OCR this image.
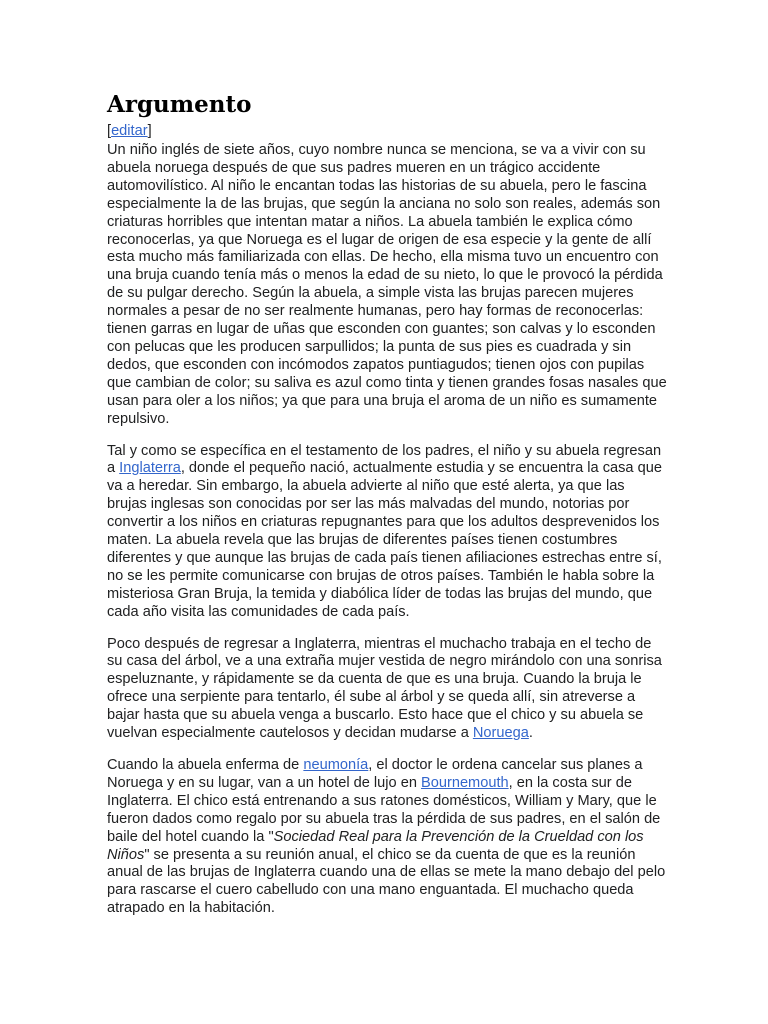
Argumento
[editar]

Un niño inglés de siete años, cuyo nombre nunca se menciona, se va a vivir con su abuela noruega después de que sus padres mueren en un trágico accidente automovilístico. Al niño le encantan todas las historias de su abuela, pero le fascina especialmente la de las brujas, que según la anciana no solo son reales, además son criaturas horribles que intentan matar a niños. La abuela también le explica cómo reconocerlas, ya que Noruega es el lugar de origen de esa especie y la gente de allí esta mucho más familiarizada con ellas. De hecho, ella misma tuvo un encuentro con una bruja cuando tenía más o menos la edad de su nieto, lo que le provocó la pérdida de su pulgar derecho. Según la abuela, a simple vista las brujas parecen mujeres normales a pesar de no ser realmente humanas, pero hay formas de reconocerlas: tienen garras en lugar de uñas que esconden con guantes; son calvas y lo esconden con pelucas que les producen sarpullidos; la punta de sus pies es cuadrada y sin dedos, que esconden con incómodos zapatos puntiagudos; tienen ojos con pupilas que cambian de color; su saliva es azul como tinta y tienen grandes fosas nasales que usan para oler a los niños; ya que para una bruja el aroma de un niño es sumamente repulsivo.

Tal y como se específica en el testamento de los padres, el niño y su abuela regresan a Inglaterra, donde el pequeño nació, actualmente estudia y se encuentra la casa que va a heredar. Sin embargo, la abuela advierte al niño que esté alerta, ya que las brujas inglesas son conocidas por ser las más malvadas del mundo, notorias por convertir a los niños en criaturas repugnantes para que los adultos desprevenidos los maten. La abuela revela que las brujas de diferentes países tienen costumbres diferentes y que aunque las brujas de cada país tienen afiliaciones estrechas entre sí, no se les permite comunicarse con brujas de otros países. También le habla sobre la misteriosa Gran Bruja, la temida y diabólica líder de todas las brujas del mundo, que cada año visita las comunidades de cada país.

Poco después de regresar a Inglaterra, mientras el muchacho trabaja en el techo de su casa del árbol, ve a una extraña mujer vestida de negro mirándolo con una sonrisa espeluznante, y rápidamente se da cuenta de que es una bruja. Cuando la bruja le ofrece una serpiente para tentarlo, él sube al árbol y se queda allí, sin atreverse a bajar hasta que su abuela venga a buscarlo. Esto hace que el chico y su abuela se vuelvan especialmente cautelosos y decidan mudarse a Noruega.

Cuando la abuela enferma de neumonía, el doctor le ordena cancelar sus planes a Noruega y en su lugar, van a un hotel de lujo en Bournemouth, en la costa sur de Inglaterra. El chico está entrenando a sus ratones domésticos, William y Mary, que le fueron dados como regalo por su abuela tras la pérdida de sus padres, en el salón de baile del hotel cuando la "Sociedad Real para la Prevención de la Crueldad con los Niños" se presenta a su reunión anual, el chico se da cuenta de que es la reunión anual de las brujas de Inglaterra cuando una de ellas se mete la mano debajo del pelo para rascarse el cuero cabelludo con una mano enguantada. El muchacho queda atrapado en la habitación.
